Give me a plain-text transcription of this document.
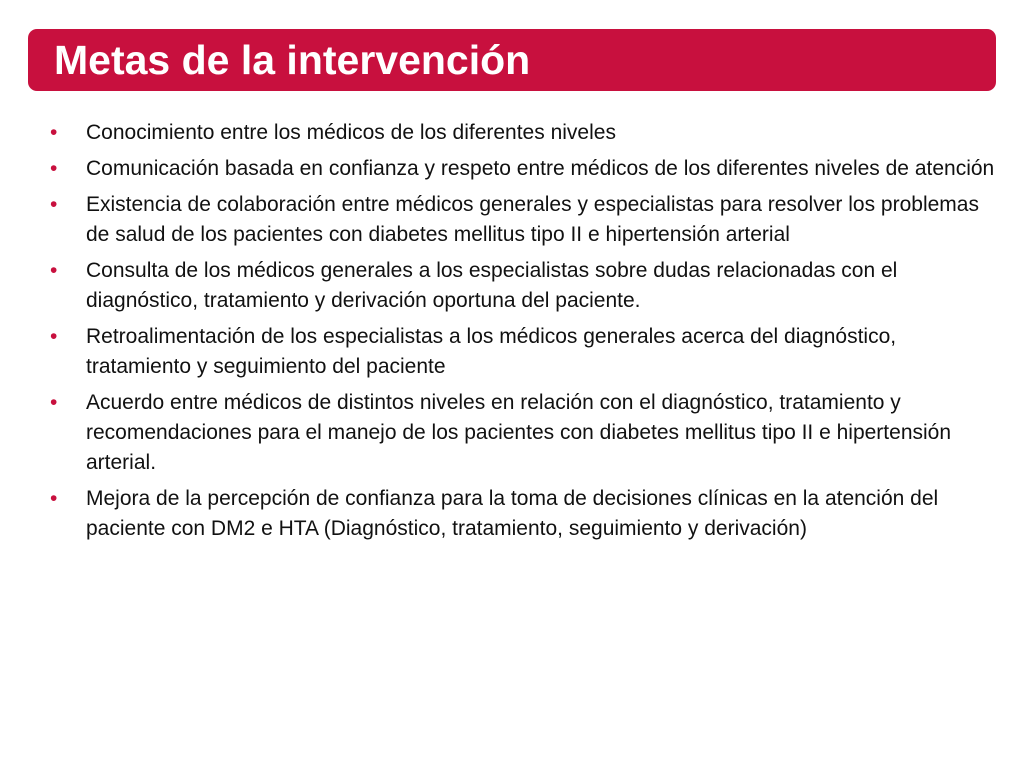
Metas de la intervención
•	Conocimiento entre los médicos de los diferentes niveles
•	Comunicación basada en confianza y respeto entre médicos de los diferentes niveles de atención
•	Existencia de colaboración entre médicos generales y especialistas para resolver los problemas de salud de los pacientes con diabetes mellitus tipo II e hipertensión arterial
•	Consulta de los médicos generales a los especialistas sobre dudas relacionadas con el diagnóstico, tratamiento y derivación oportuna del paciente.
•	Retroalimentación de los especialistas a los médicos generales acerca del diagnóstico, tratamiento y seguimiento del paciente
•	Acuerdo entre médicos de distintos niveles en relación con el diagnóstico, tratamiento y recomendaciones para el manejo de los pacientes con diabetes mellitus tipo II e hipertensión arterial.
•	Mejora de la percepción de confianza para la toma de decisiones clínicas en la atención del paciente con DM2 e HTA (Diagnóstico, tratamiento, seguimiento y derivación)
